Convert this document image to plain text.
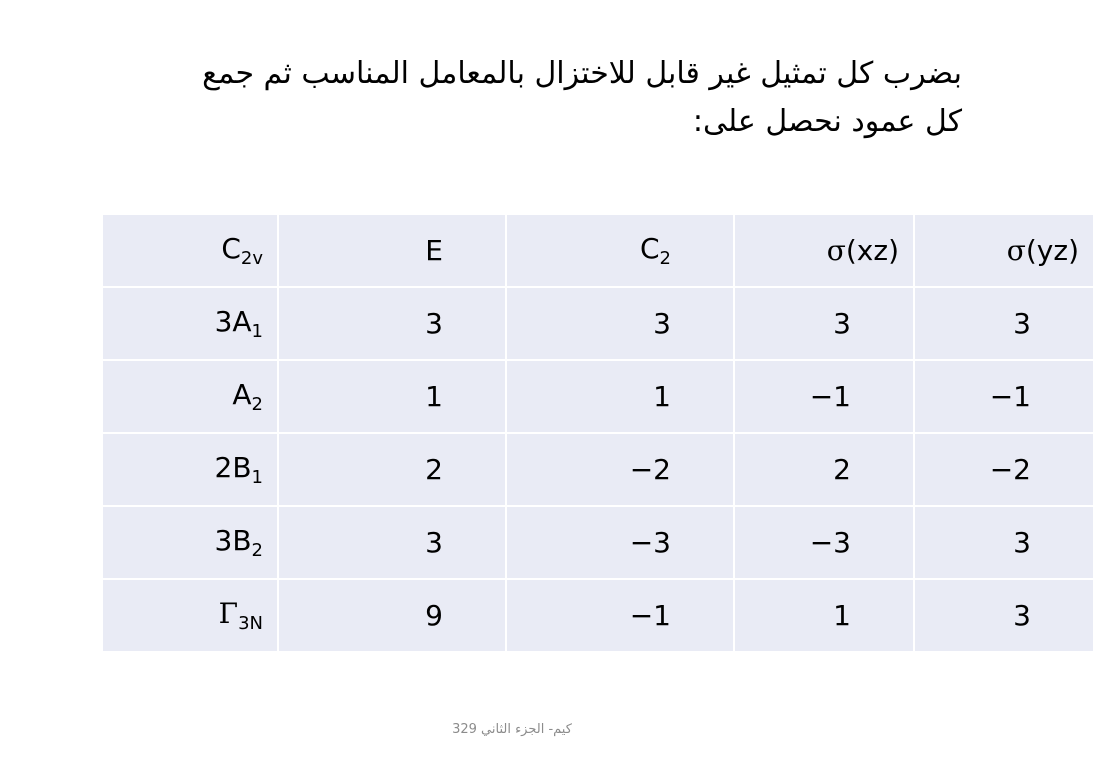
بضرب كل تمثيل غير قابل للاختزال بالمعامل المناسب ثم جمع
كل عمود نحصل على:
$C_{2v}$	E	$C_2$	σ(xz)	σ(yz)
$3A_1$	3	3	3	3
$A_2$	1	1	−1	−1
$2B_1$	2	−2	2	−2
$3B_2$	3	−3	−3	3
$\Gamma_{3N}$	9	−1	1	3
329 كيم- الجزء الثاني
